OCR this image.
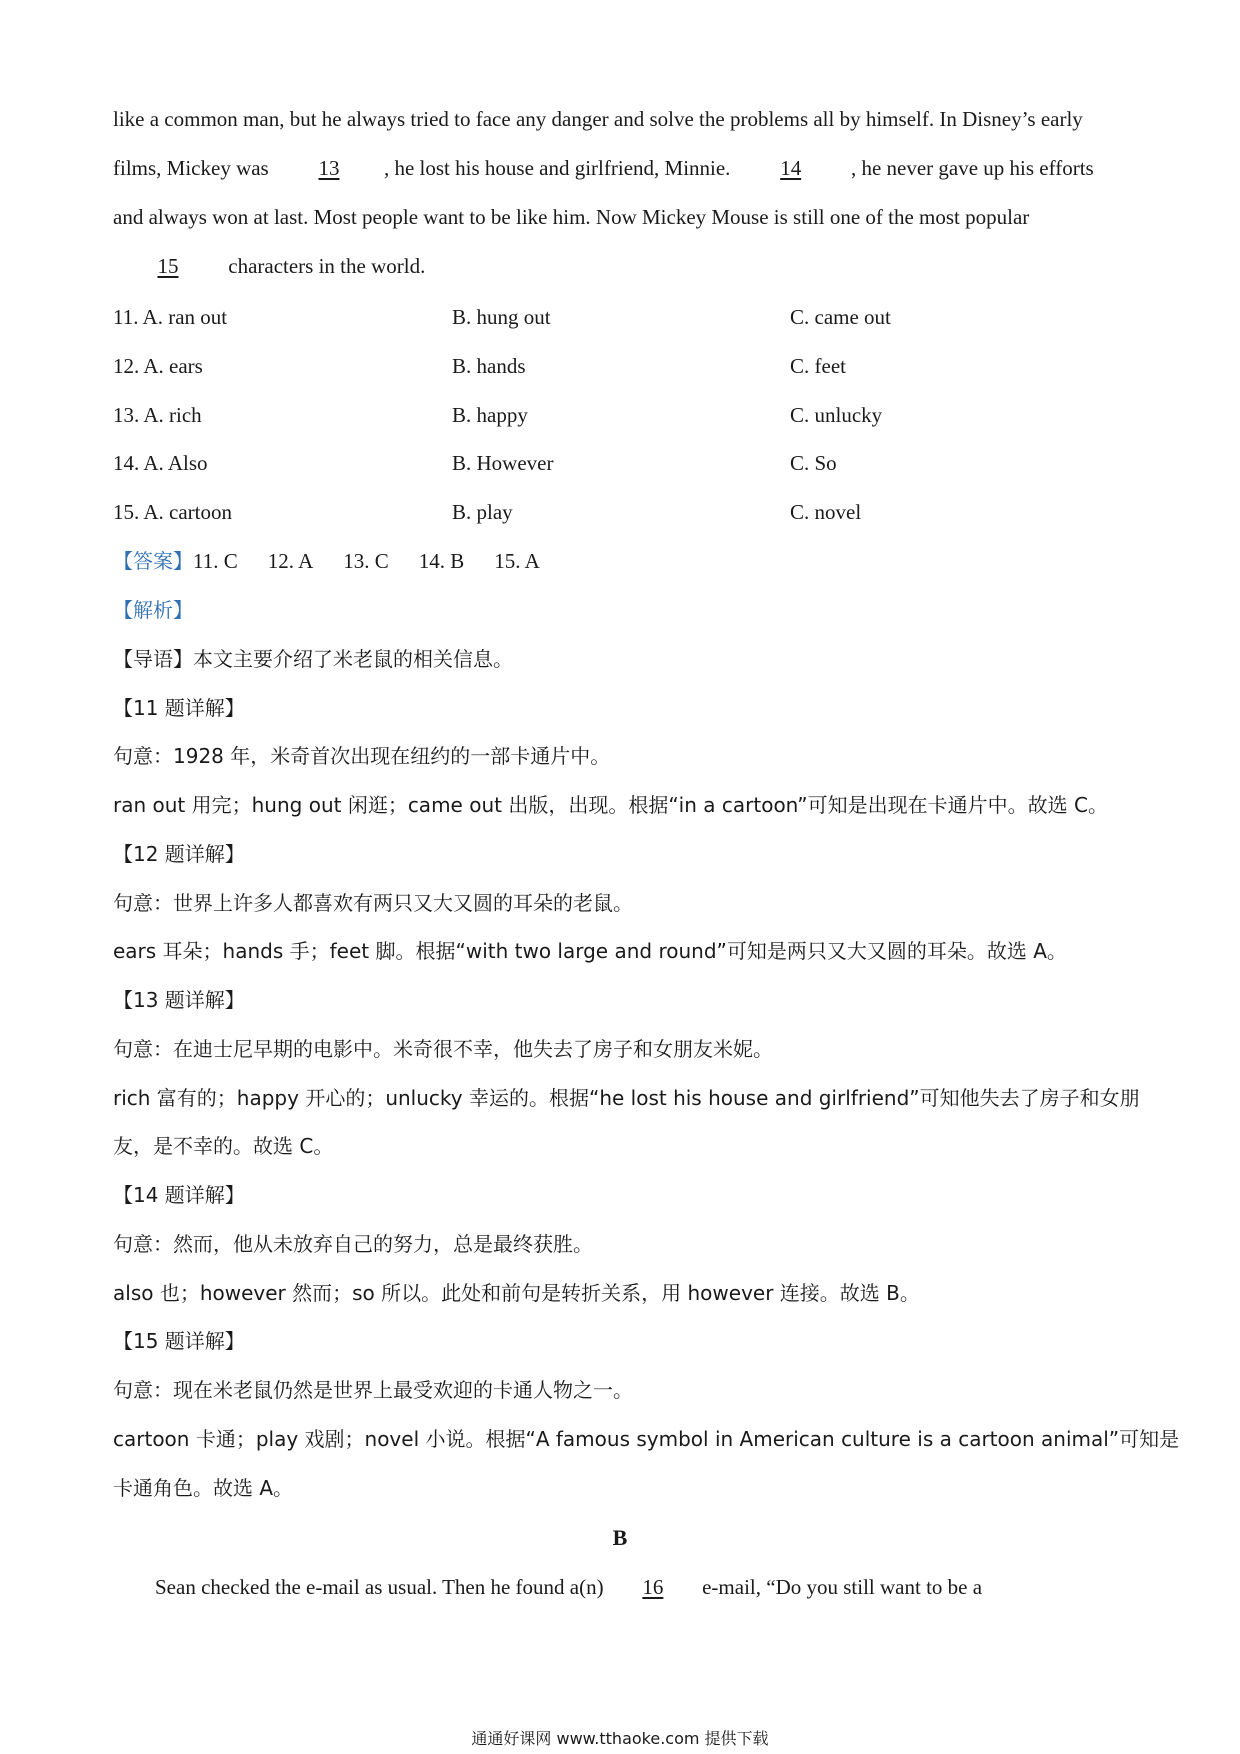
like a common man, but he always tried to face any danger and solve the problems all by himself. In Disney’s early
films, Mickey was 13 , he lost his house and girlfriend, Minnie. 14 , he never gave up his efforts
and always won at last. Most people want to be like him. Now Mickey Mouse is still one of the most popular
15 characters in the world.
11. A. ran out	B. hung out	C. came out
12. A. ears	B. hands	C. feet
13. A. rich	B. happy	C. unlucky
14. A. Also	B. However	C. So
15. A. cartoon	B. play	C. novel
【答案】11. C 12. A 13. C 14. B 15. A
【解析】
【导语】本文主要介绍了米老鼠的相关信息。
【11 题详解】
句意：1928 年，米奇首次出现在纽约的一部卡通片中。
ran out 用完；hung out 闲逛；came out 出版，出现。根据“in a cartoon”可知是出现在卡通片中。故选 C。
【12 题详解】
句意：世界上许多人都喜欢有两只又大又圆的耳朵的老鼠。
ears 耳朵；hands 手；feet 脚。根据“with two large and round”可知是两只又大又圆的耳朵。故选 A。
【13 题详解】
句意：在迪士尼早期的电影中。米奇很不幸，他失去了房子和女朋友米妮。
rich 富有的；happy 开心的；unlucky 幸运的。根据“he lost his house and girlfriend”可知他失去了房子和女朋
友，是不幸的。故选 C。
【14 题详解】
句意：然而，他从未放弃自己的努力，总是最终获胜。
also 也；however 然而；so 所以。此处和前句是转折关系，用 however 连接。故选 B。
【15 题详解】
句意：现在米老鼠仍然是世界上最受欢迎的卡通人物之一。
cartoon 卡通；play 戏剧；novel 小说。根据“A famous symbol in American culture is a cartoon animal”可知是
卡通角色。故选 A。
B
Sean checked the e-mail as usual. Then he found a(n) 16 e-mail, “Do you still want to be a
通通好课网 www.tthaoke.com 提供下载
